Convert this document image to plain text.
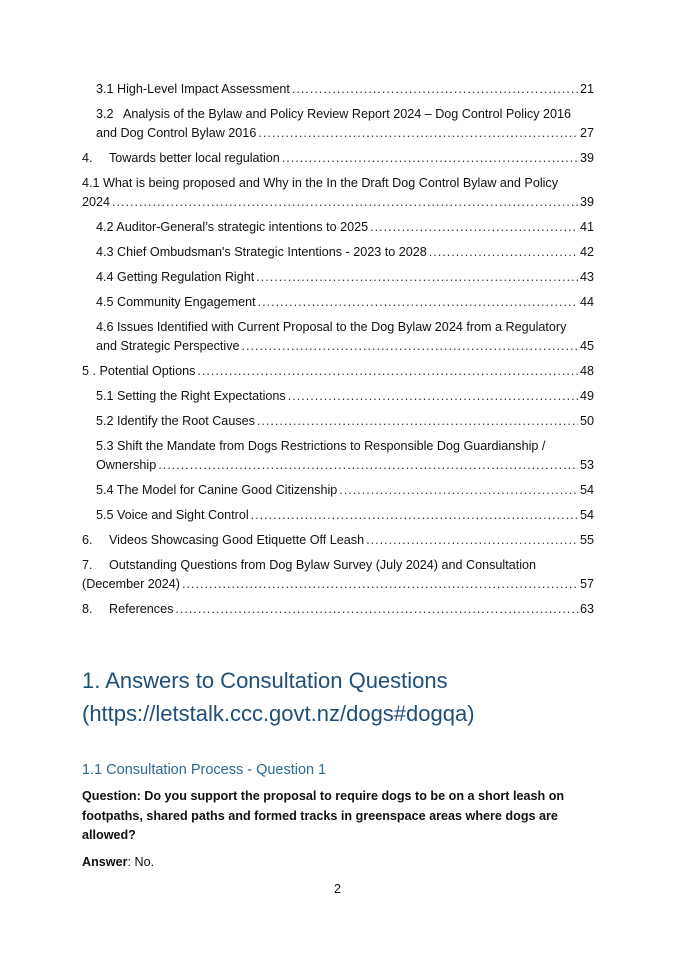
3.1 High-Level Impact Assessment .....	21
3.2 Analysis of the Bylaw and Policy Review Report 2024 – Dog Control Policy 2016
and Dog Control Bylaw 2016 .....	27
4. Towards better local regulation .....	39
4.1 What is being proposed and Why in the In the Draft Dog Control Bylaw and Policy
2024 .....	39
4.2 Auditor-General’s strategic intentions to 2025 .....	41
4.3 Chief Ombudsman's Strategic Intentions - 2023 to 2028 .....	42
4.4 Getting Regulation Right .....	43
4.5 Community Engagement .....	44
4.6 Issues Identified with Current Proposal to the Dog Bylaw 2024 from a Regulatory
and Strategic Perspective .....	45
5 . Potential Options .....	48
5.1 Setting the Right Expectations .....	49
5.2 Identify the Root Causes .....	50
5.3 Shift the Mandate from Dogs Restrictions to Responsible Dog Guardianship /
Ownership .....	53
5.4 The Model for Canine Good Citizenship .....	54
5.5 Voice and Sight Control .....	54
6. Videos Showcasing Good Etiquette Off Leash .....	55
7. Outstanding Questions from Dog Bylaw Survey (July 2024) and Consultation
(December 2024) .....	57
8. References .....	63
1. Answers to Consultation Questions (https://letstalk.ccc.govt.nz/dogs#dogqa)
1.1 Consultation Process - Question 1

Question: Do you support the proposal to require dogs to be on a short leash on footpaths, shared paths and formed tracks in greenspace areas where dogs are allowed?

Answer: No.

2
